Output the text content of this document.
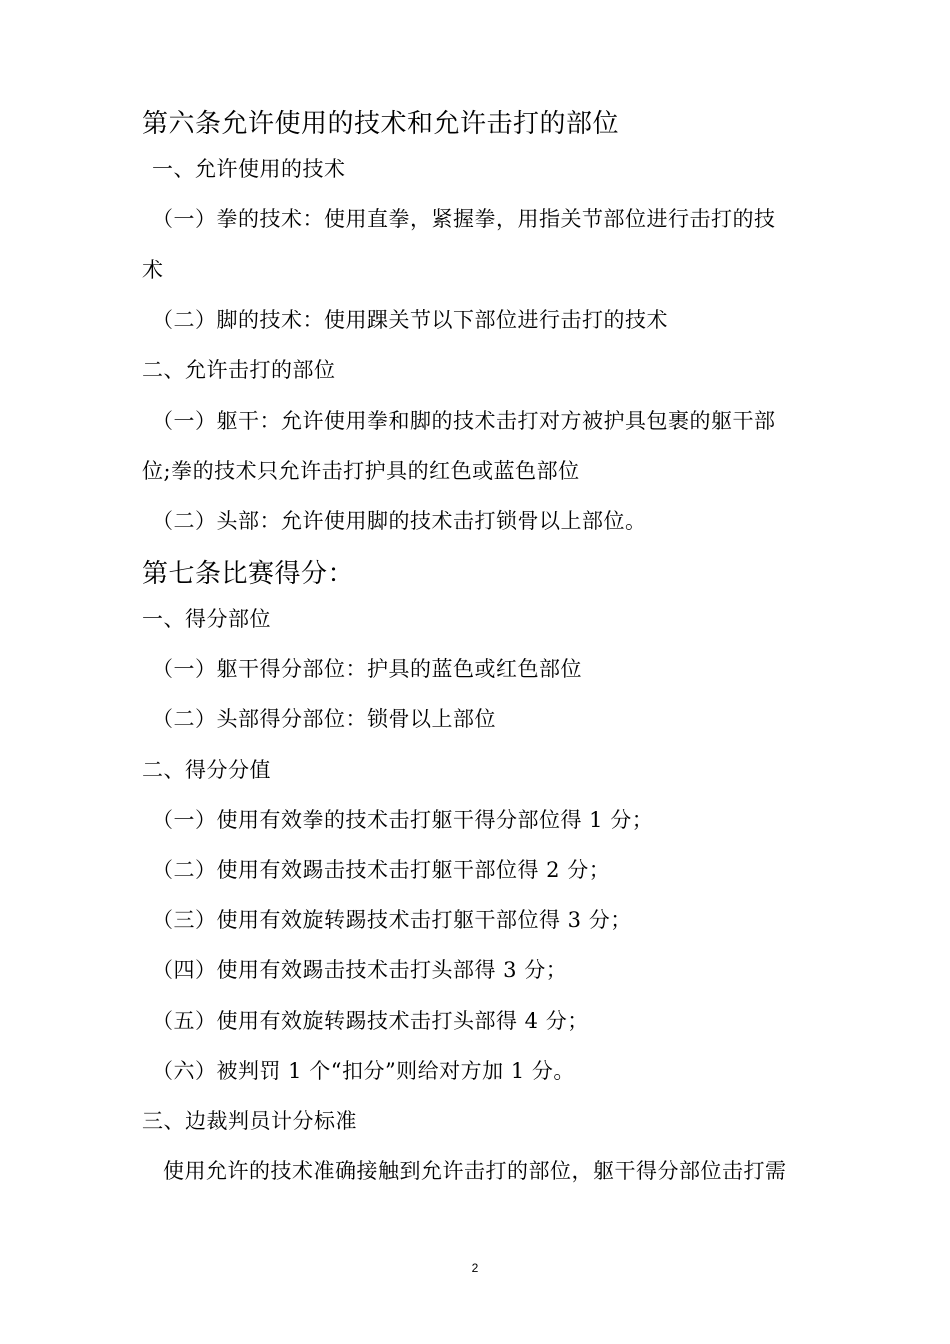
第六条允许使用的技术和允许击打的部位
一、允许使用的技术
（一）拳的技术：使用直拳，紧握拳，用指关节部位进行击打的技
术
（二）脚的技术：使用踝关节以下部位进行击打的技术
二、允许击打的部位
（一）躯干：允许使用拳和脚的技术击打对方被护具包裹的躯干部
位;拳的技术只允许击打护具的红色或蓝色部位
（二）头部：允许使用脚的技术击打锁骨以上部位。
第七条比赛得分：
一、得分部位
（一）躯干得分部位：护具的蓝色或红色部位
（二）头部得分部位：锁骨以上部位
二、得分分值
（一）使用有效拳的技术击打躯干得分部位得 1 分；
（二）使用有效踢击技术击打躯干部位得 2 分；
（三）使用有效旋转踢技术击打躯干部位得 3 分；
（四）使用有效踢击技术击打头部得 3 分；
（五）使用有效旋转踢技术击打头部得 4 分；
（六）被判罚 1 个“扣分”则给对方加 1 分。
三、边裁判员计分标准
使用允许的技术准确接触到允许击打的部位，躯干得分部位击打需
2
